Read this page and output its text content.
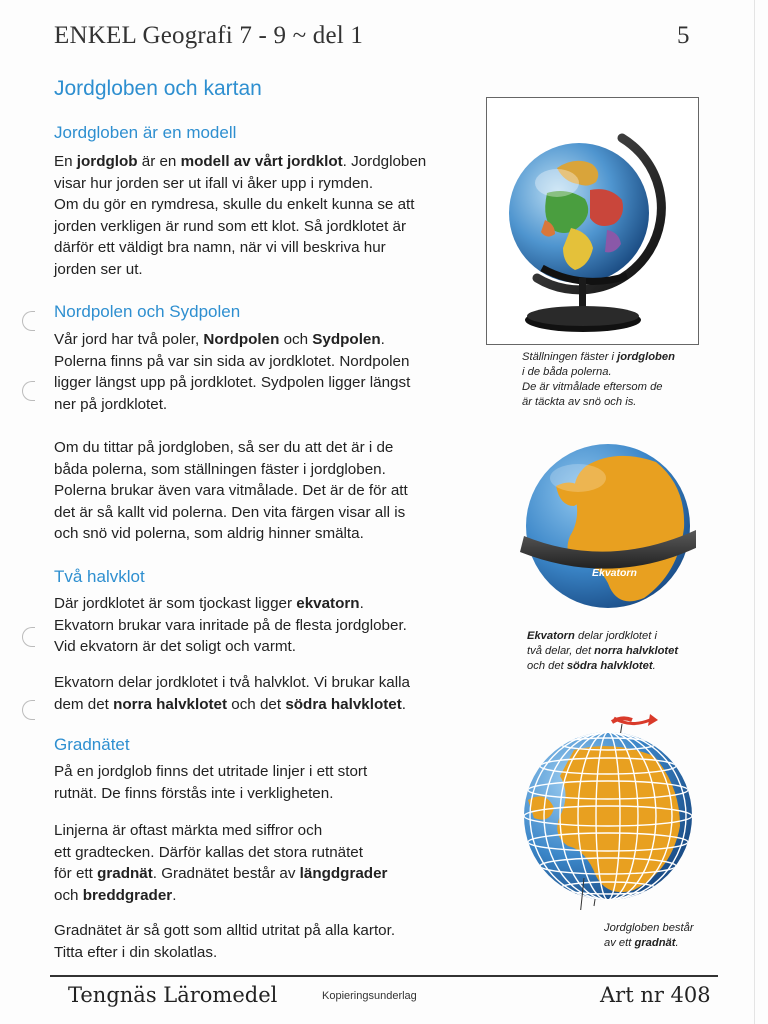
ENKEL Geografi 7 - 9 ~ del 1	5
Jordgloben och kartan
Jordgloben är en modell
En jordglob är en modell av vårt jordklot. Jordgloben
visar hur jorden ser ut ifall vi åker upp i rymden.
Om du gör en rymdresa, skulle du enkelt kunna se att
jorden verkligen är rund som ett klot. Så jordklotet är
därför ett väldigt bra namn, när vi vill beskriva hur
jorden ser ut.
Nordpolen och Sydpolen
Vår jord har två poler, Nordpolen och Sydpolen.
Polerna finns på var sin sida av jordklotet. Nordpolen
ligger längst upp på jordklotet. Sydpolen ligger längst
ner på jordklotet.
Om du tittar på jordgloben, så ser du att det är i de
båda polerna, som ställningen fäster i jordgloben.
Polerna brukar även vara vitmålade. Det är de för att
det är så kallt vid polerna. Den vita färgen visar all is
och snö vid polerna, som aldrig hinner smälta.
Två halvklot
Där jordklotet är som tjockast ligger ekvatorn.
Ekvatorn brukar vara inritade på de flesta jordglober.
Vid ekvatorn är det soligt och varmt.
Ekvatorn delar jordklotet i två halvklot. Vi brukar kalla
dem det norra halvklotet och det södra halvklotet.
Gradnätet
På en jordglob finns det utritade linjer i ett stort
rutnät. De finns förstås inte i verkligheten.
Linjerna är oftast märkta med siffror och
ett gradtecken. Därför kallas det stora rutnätet
för ett gradnät. Gradnätet består av längdgrader
och breddgrader.
Gradnätet är så gott som alltid utritat på alla kartor.
Titta efter i din skolatlas.
Ställningen fäster i jordgloben
i de båda polerna.
De är vitmålade eftersom de
är täckta av snö och is.
Ekvatorn
Ekvatorn delar jordklotet i
två delar, det norra halvklotet
och det södra halvklotet.
Jordgloben består
av ett gradnät.
Tengnäs Läromedel	Kopieringsunderlag	Art nr 408
